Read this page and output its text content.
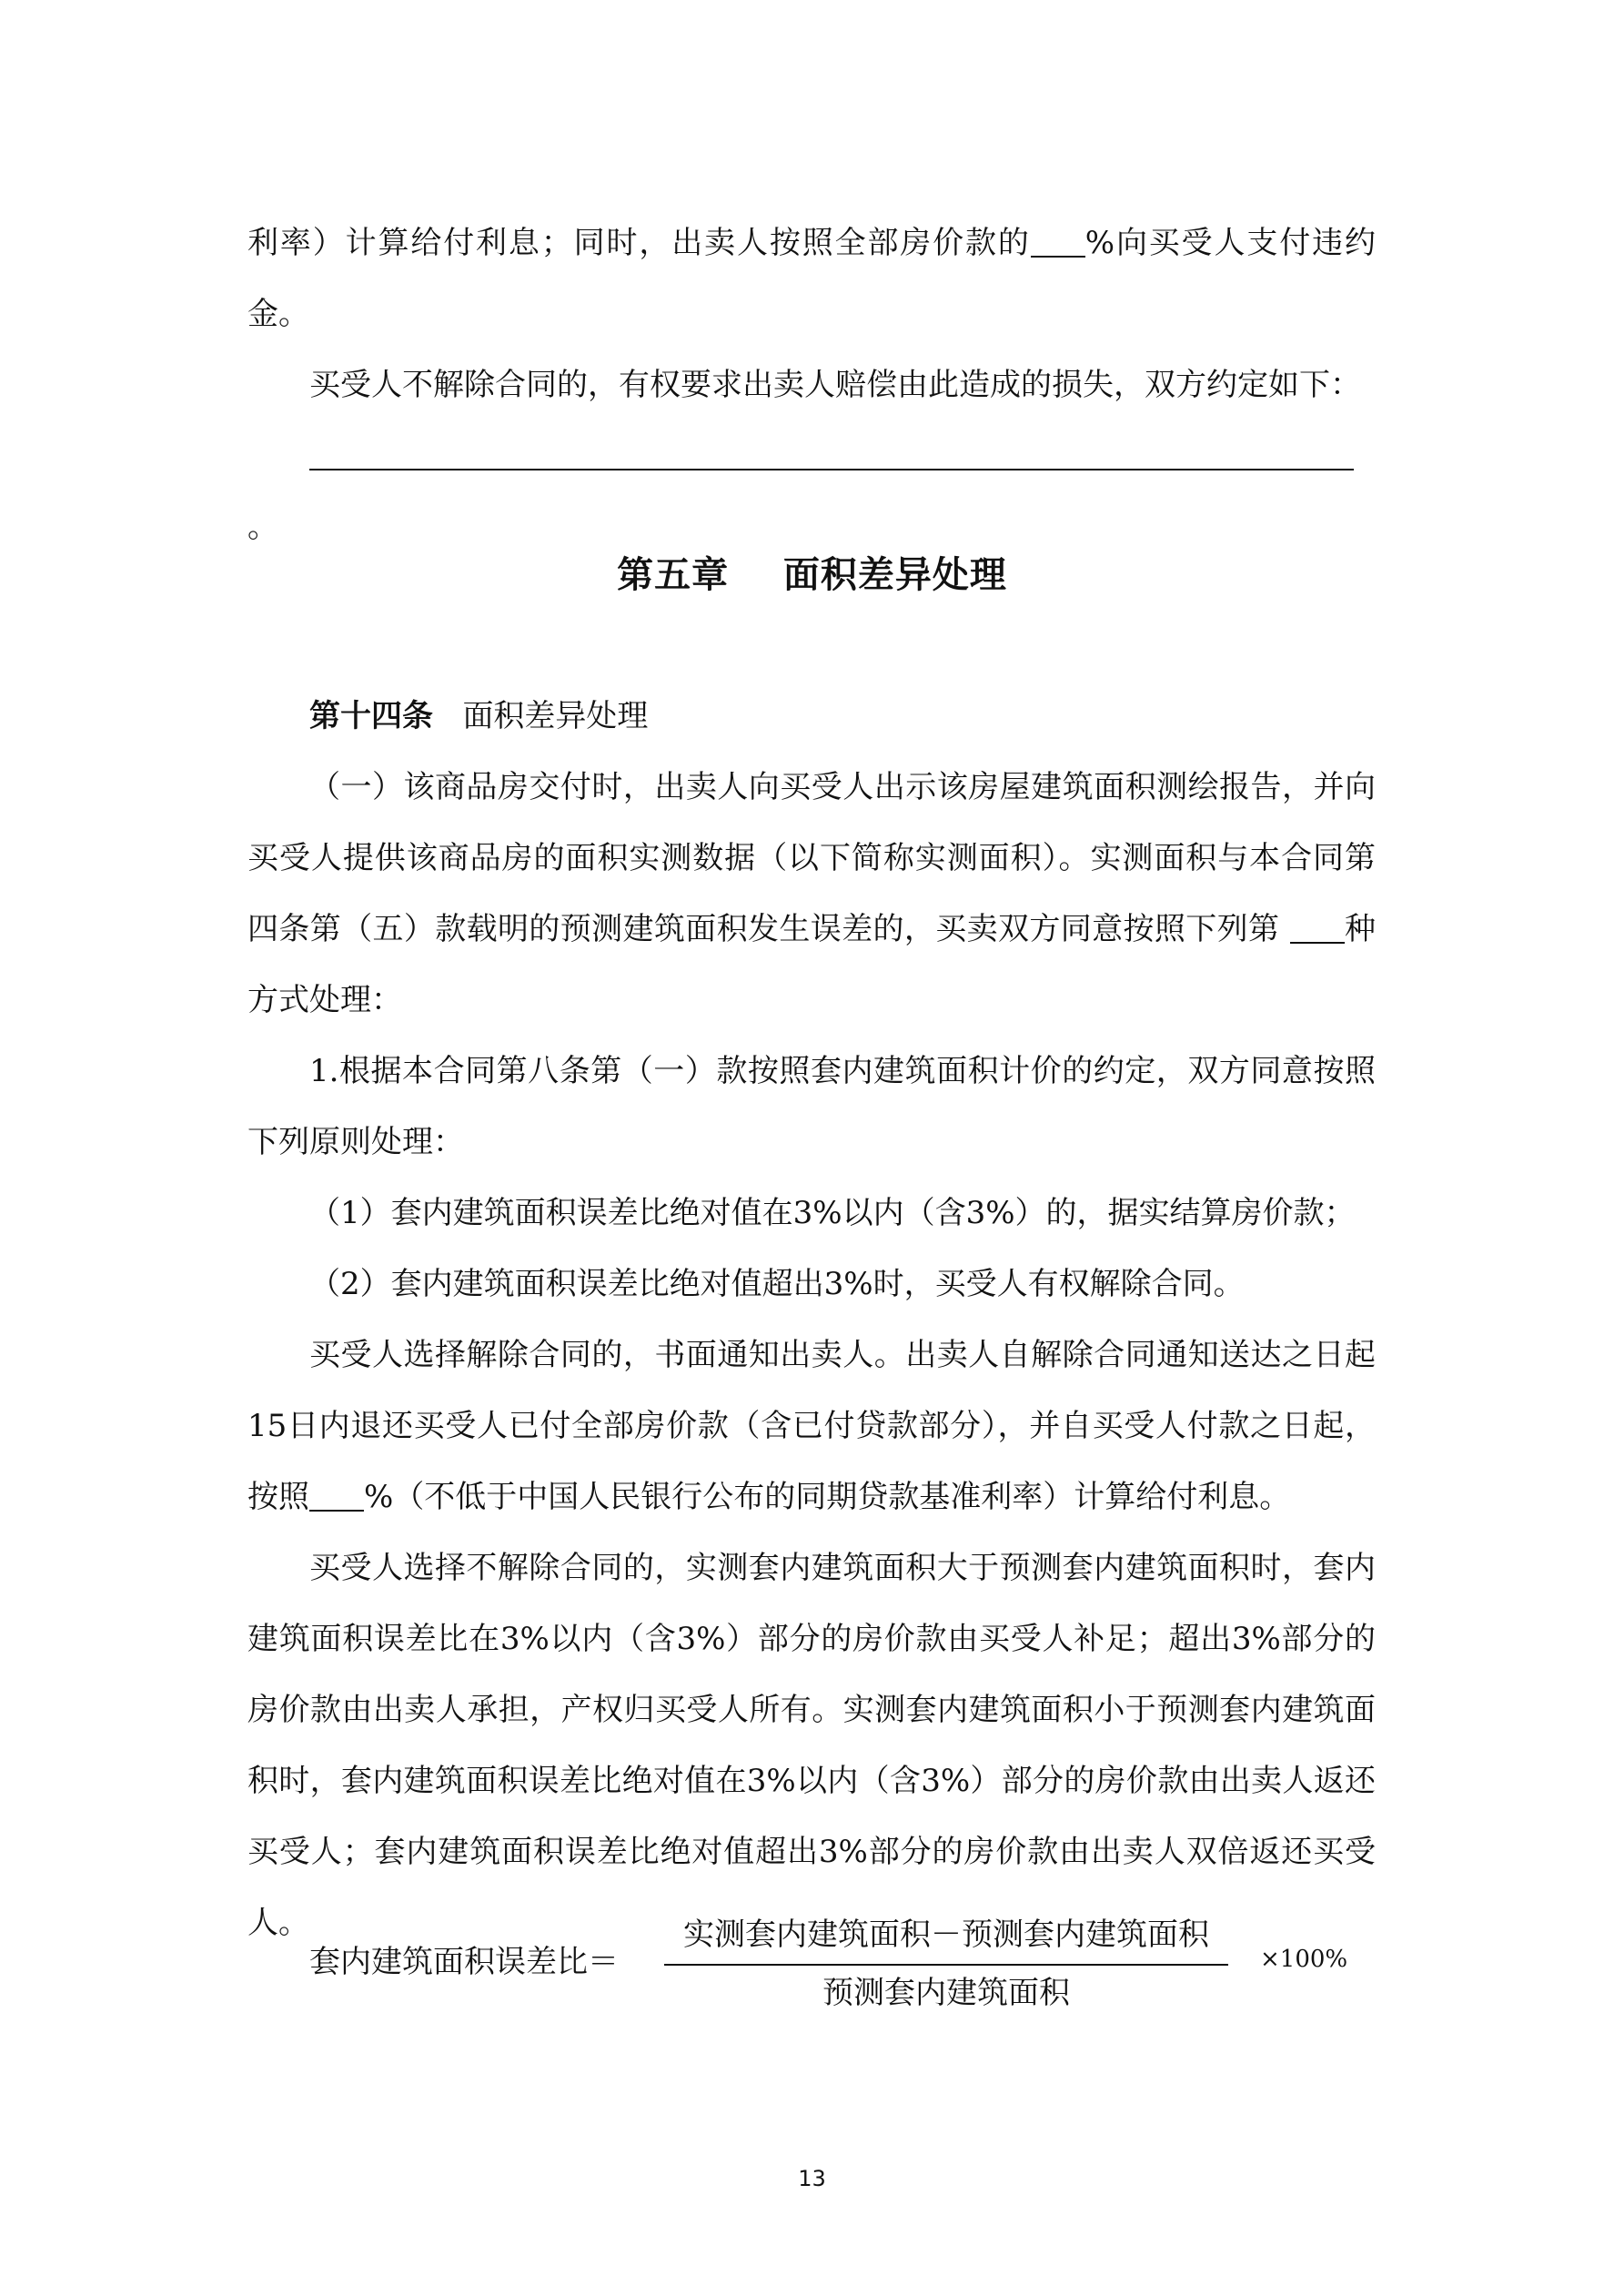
利率）计算给付利息；同时，出卖人按照全部房价款的 %向买受人支付违约金。

买受人不解除合同的，有权要求出卖人赔偿由此造成的损失，双方约定如下：

。

第五章 面积差异处理

第十四条 面积差异处理

（一）该商品房交付时，出卖人向买受人出示该房屋建筑面积测绘报告，并向买受人提供该商品房的面积实测数据（以下简称实测面积）。实测面积与本合同第四条第（五）款载明的预测建筑面积发生误差的，买卖双方同意按照下列第 种方式处理：

1.根据本合同第八条第（一）款按照套内建筑面积计价的约定，双方同意按照下列原则处理：

（1）套内建筑面积误差比绝对值在3%以内（含3%）的，据实结算房价款；

（2）套内建筑面积误差比绝对值超出3%时，买受人有权解除合同。

买受人选择解除合同的，书面通知出卖人。出卖人自解除合同通知送达之日起15日内退还买受人已付全部房价款（含已付贷款部分），并自买受人付款之日起，按照 %（不低于中国人民银行公布的同期贷款基准利率）计算给付利息。

买受人选择不解除合同的，实测套内建筑面积大于预测套内建筑面积时，套内建筑面积误差比在3%以内（含3%）部分的房价款由买受人补足；超出3%部分的房价款由出卖人承担，产权归买受人所有。实测套内建筑面积小于预测套内建筑面积时，套内建筑面积误差比绝对值在3%以内（含3%）部分的房价款由出卖人返还买受人；套内建筑面积误差比绝对值超出3%部分的房价款由出卖人双倍返还买受人。

套内建筑面积误差比＝
实测套内建筑面积－预测套内建筑面积
预测套内建筑面积
×100%
13
